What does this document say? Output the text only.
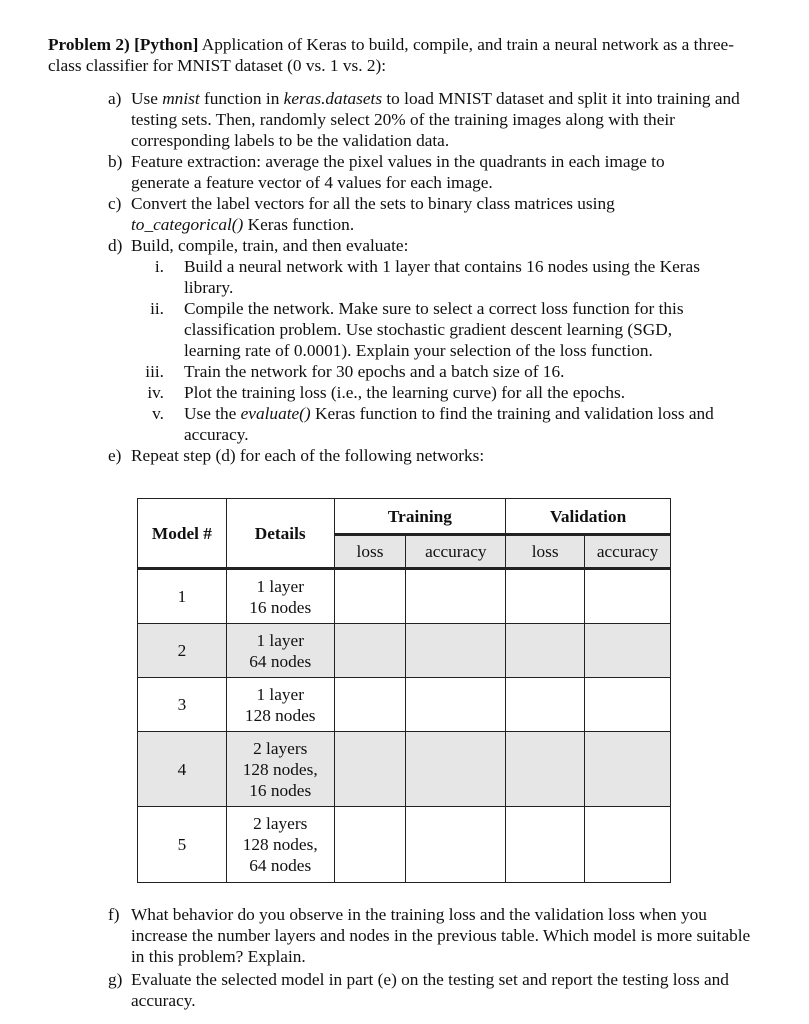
Problem 2) [Python] Application of Keras to build, compile, and train a neural network as a three-class classifier for MNIST dataset (0 vs. 1 vs. 2):
a) Use mnist function in keras.datasets to load MNIST dataset and split it into training and testing sets. Then, randomly select 20% of the training images along with their corresponding labels to be the validation data.
b) Feature extraction: average the pixel values in the quadrants in each image to generate a feature vector of 4 values for each image.
c) Convert the label vectors for all the sets to binary class matrices using to_categorical() Keras function.
d) Build, compile, train, and then evaluate:
i. Build a neural network with 1 layer that contains 16 nodes using the Keras library.
ii. Compile the network. Make sure to select a correct loss function for this classification problem. Use stochastic gradient descent learning (SGD, learning rate of 0.0001). Explain your selection of the loss function.
iii. Train the network for 30 epochs and a batch size of 16.
iv. Plot the training loss (i.e., the learning curve) for all the epochs.
v. Use the evaluate() Keras function to find the training and validation loss and accuracy.
e) Repeat step (d) for each of the following networks:
Model #	Details	Training		Validation	
		loss	accuracy	loss	accuracy
1	1 layer
16 nodes				

2	1 layer
64 nodes				

3	1 layer
128 nodes				

4	2 layers
128 nodes,
16 nodes				

5	2 layers
128 nodes,
64 nodes				

f) What behavior do you observe in the training loss and the validation loss when you increase the number layers and nodes in the previous table. Which model is more suitable in this problem? Explain.
g) Evaluate the selected model in part (e) on the testing set and report the testing loss and accuracy.
